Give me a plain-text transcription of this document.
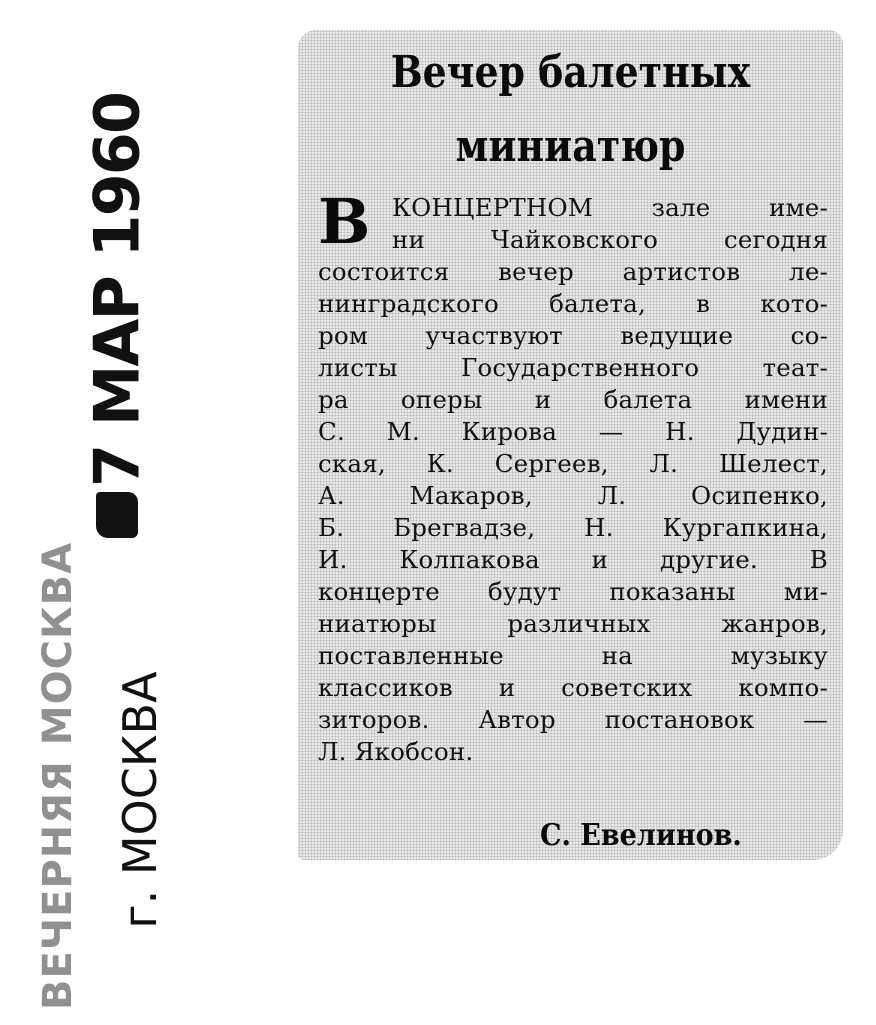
ВЕЧЕРНЯЯ МОСКВА
7 МАР 1960
г. МОСКВА
Вечер балетных
миниатюр
В КОНЦЕРТНОМ зале име-
ни Чайковского сегодня
состоится вечер артистов ле-
нинградского балета, в кото-
ром участвуют ведущие со-
листы Государственного теат-
ра оперы и балета имени
С. М. Кирова — Н. Дудин-
ская, К. Сергеев, Л. Шелест,
А. Макаров, Л. Осипенко,
Б. Брегвадзе, Н. Кургапкина,
И. Колпакова и другие. В
концерте будут показаны ми-
ниатюры различных жанров,
поставленные на музыку
классиков и советских компо-
зиторов. Автор постановок —
Л. Якобсон.
С. Евелинов.
